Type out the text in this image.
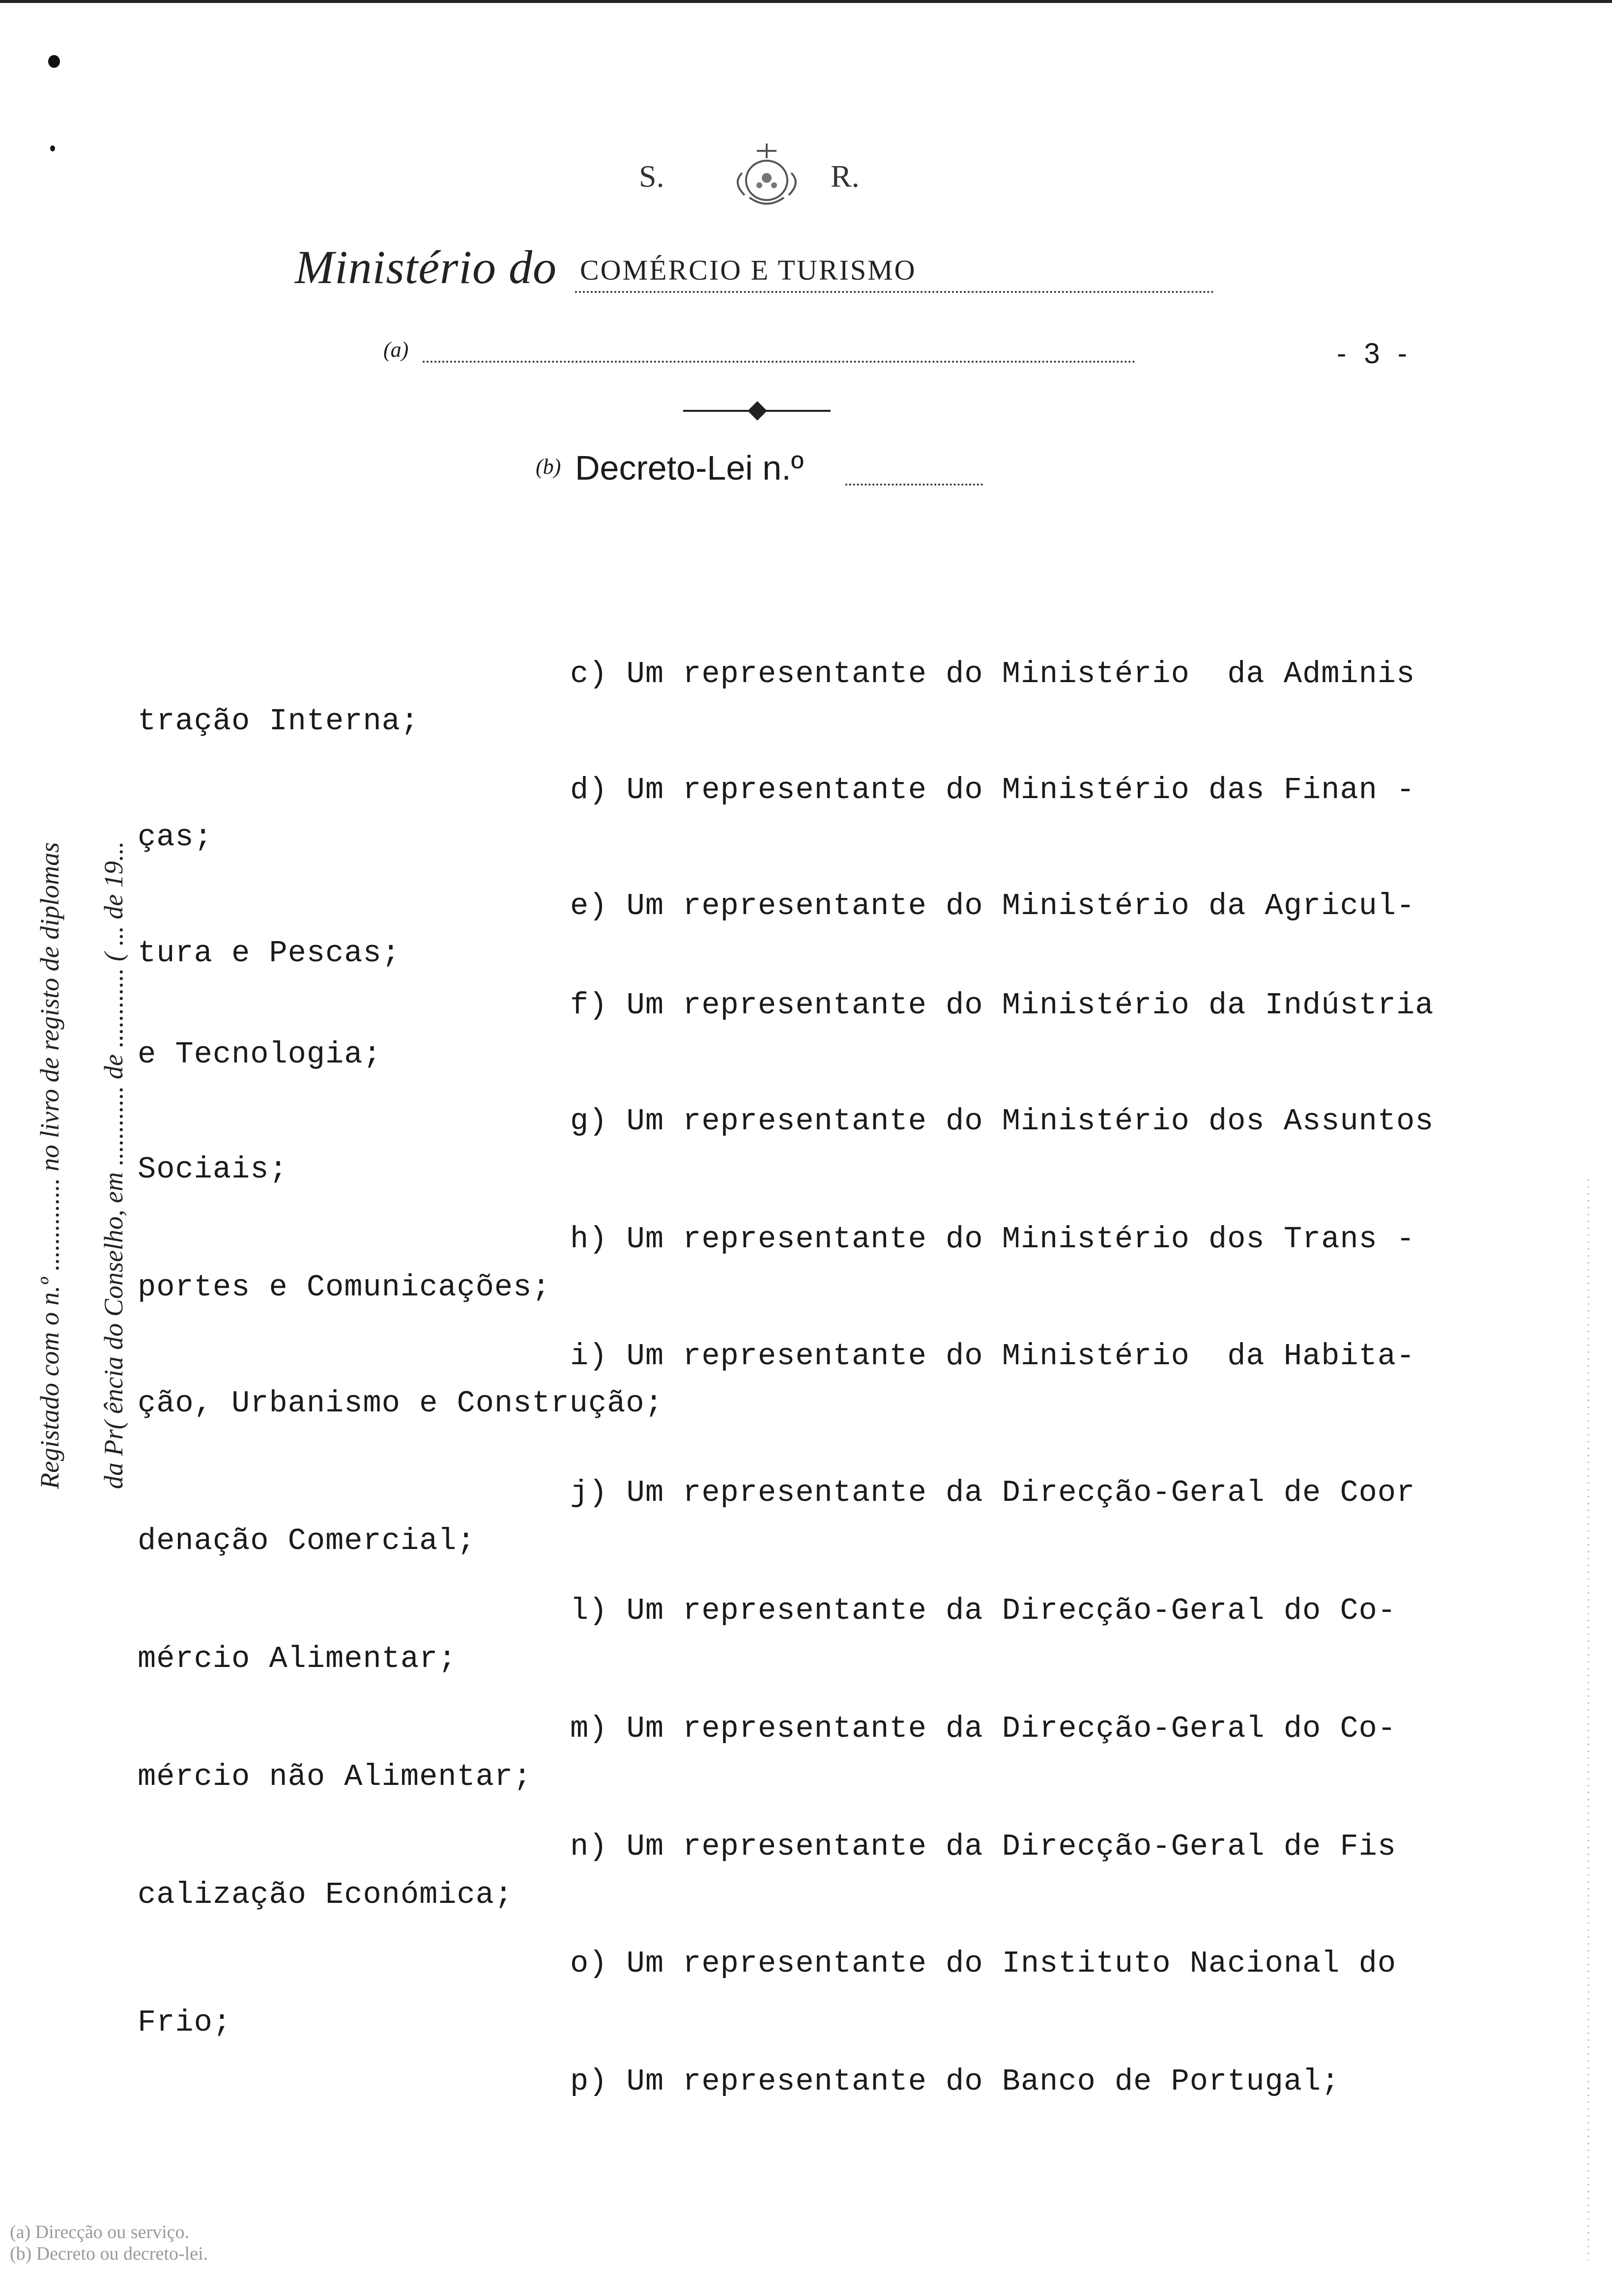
S.	R.
Ministério do COMÉRCIO E TURISMO
(a)	- 3 -
(b) Decreto-Lei n.º
Registado com o n.º .............. no livro de registo de diplomas	da Pr( ência do Conselho, em ............ de ............ ( ... de 19...
c) Um representante do Ministério  da Adminis
tração Interna;
d) Um representante do Ministério das Finan -
ças;
e) Um representante do Ministério da Agricul-
tura e Pescas;
f) Um representante do Ministério da Indústria
e Tecnologia;
g) Um representante do Ministério dos Assuntos
Sociais;
h) Um representante do Ministério dos Trans -
portes e Comunicações;
i) Um representante do Ministério  da Habita-
ção, Urbanismo e Construção;
j) Um representante da Direcção-Geral de Coor
denação Comercial;
l) Um representante da Direcção-Geral do Co-
mércio Alimentar;
m) Um representante da Direcção-Geral do Co-
mércio não Alimentar;
n) Um representante da Direcção-Geral de Fis
calização Económica;
o) Um representante do Instituto Nacional do
Frio;
p) Um representante do Banco de Portugal;
(a) Direcção ou serviço.
(b) Decreto ou decreto-lei.
